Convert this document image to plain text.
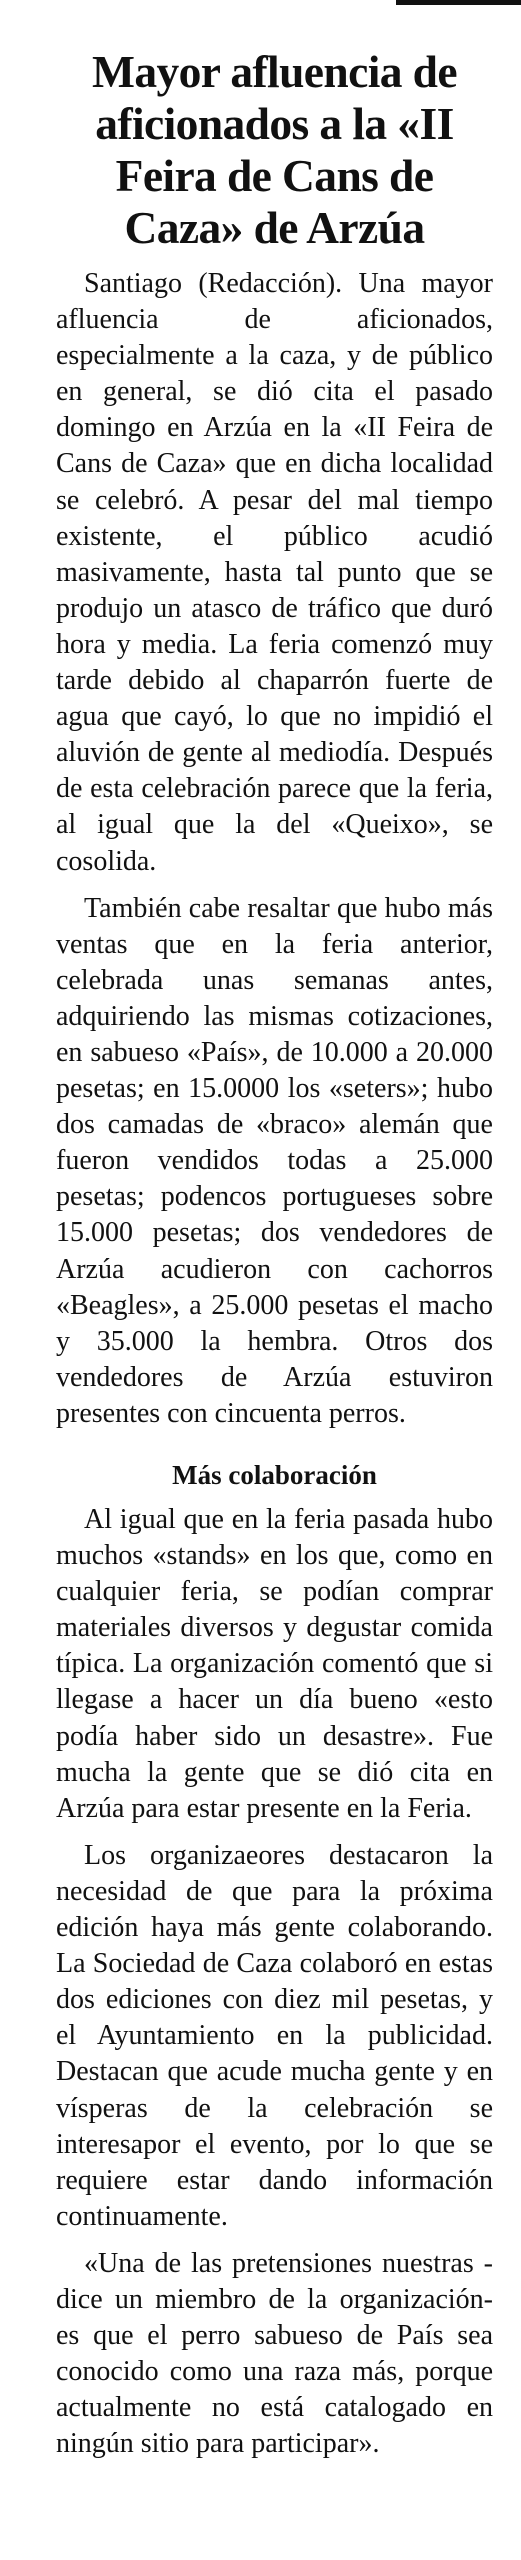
Mayor afluencia de aficionados a la «II Feira de Cans de Caza» de Arzúa

Santiago (Redacción). Una mayor afluencia de aficionados, especialmente a la caza, y de público en general, se dió cita el pasado domingo en Arzúa en la «II Feira de Cans de Caza» que en dicha localidad se celebró. A pesar del mal tiempo existente, el público acudió masivamente, hasta tal punto que se produjo un atasco de tráfico que duró hora y media. La feria comenzó muy tarde debido al chaparrón fuerte de agua que cayó, lo que no impidió el aluvión de gente al mediodía. Después de esta celebración parece que la feria, al igual que la del «Queixo», se cosolida.

También cabe resaltar que hubo más ventas que en la feria anterior, celebrada unas semanas antes, adquiriendo las mismas cotizaciones, en sabueso «País», de 10.000 a 20.000 pesetas; en 15.0000 los «seters»; hubo dos camadas de «braco» alemán que fueron vendidos todas a 25.000 pesetas; podencos portugueses sobre 15.000 pesetas; dos vendedores de Arzúa acudieron con cachorros «Beagles», a 25.000 pesetas el macho y 35.000 la hembra. Otros dos vendedores de Arzúa estuviron presentes con cincuenta perros.

Más colaboración

Al igual que en la feria pasada hubo muchos «stands» en los que, como en cualquier feria, se podían comprar materiales diversos y degustar comida típica. La organización comentó que si llegase a hacer un día bueno «esto podía haber sido un desastre». Fue mucha la gente que se dió cita en Arzúa para estar presente en la Feria.

Los organizaeores destacaron la necesidad de que para la próxima edición haya más gente colaborando. La Sociedad de Caza colaboró en estas dos ediciones con diez mil pesetas, y el Ayuntamiento en la publicidad. Destacan que acude mucha gente y en vísperas de la celebración se interesapor el evento, por lo que se requiere estar dando información continuamente.

«Una de las pretensiones nuestras -dice un miembro de la organización- es que el perro sabueso de País sea conocido como una raza más, porque actualmente no está catalogado en ningún sitio para participar».
